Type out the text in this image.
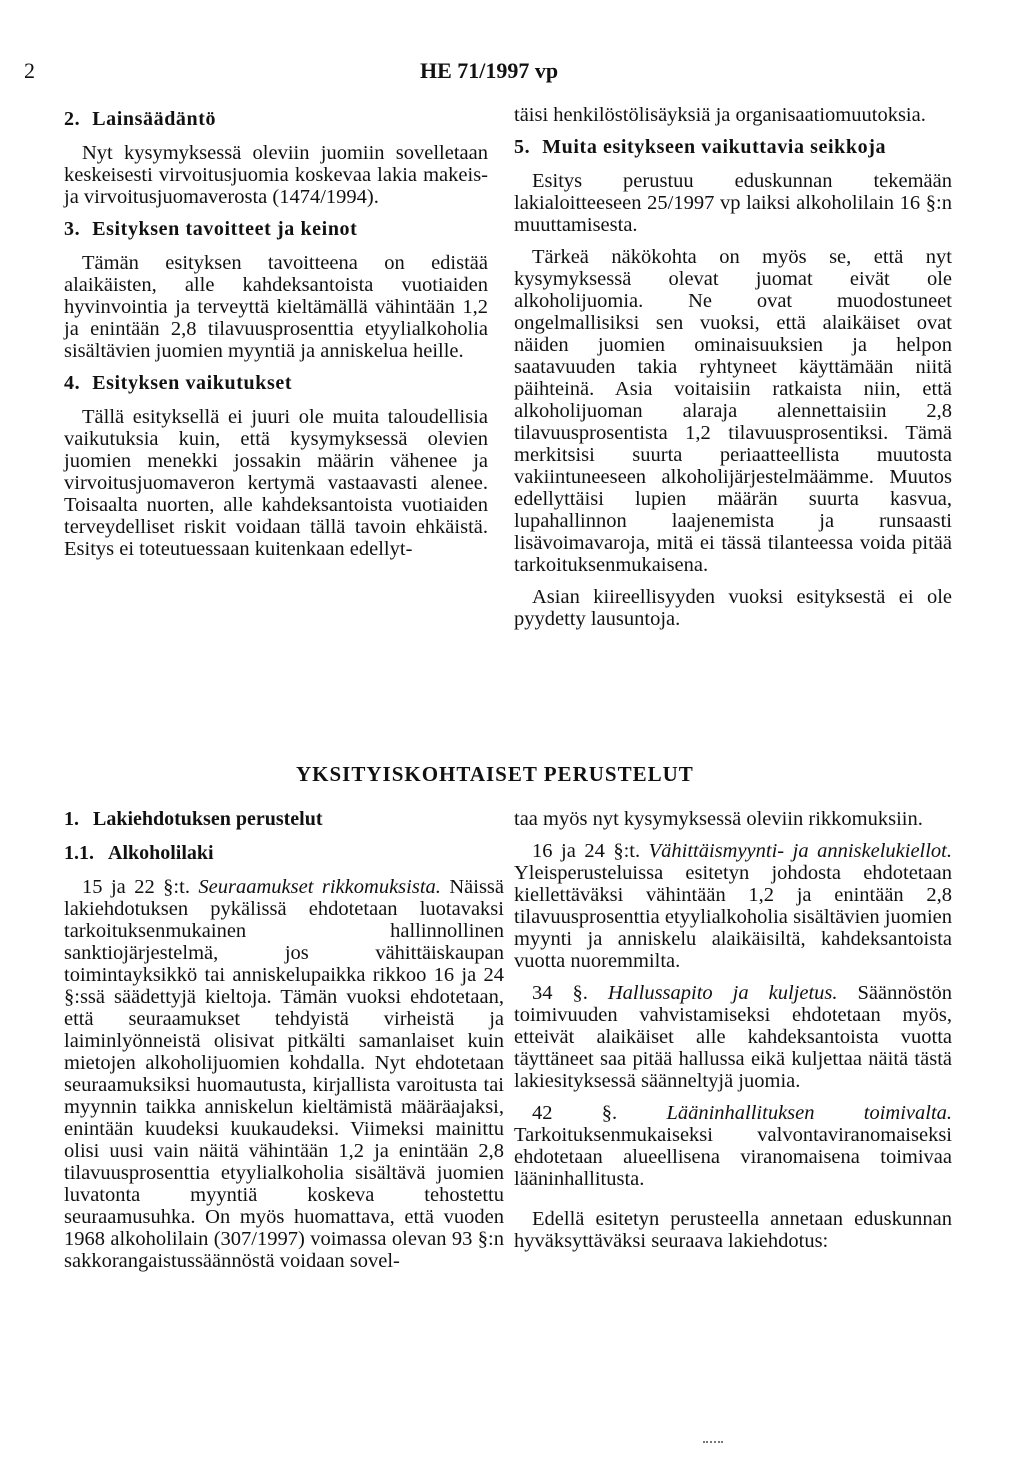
2	HE 71/1997 vp
2. Lainsäädäntö

Nyt kysymyksessä oleviin juomiin sovelletaan keskeisesti virvoitusjuomia koskevaa lakia makeis- ja virvoitusjuomaverosta (1474/1994).

3. Esityksen tavoitteet ja keinot

Tämän esityksen tavoitteena on edistää alaikäisten, alle kahdeksantoista vuotiaiden hyvinvointia ja terveyttä kieltämällä vähintään 1,2 ja enintään 2,8 tilavuusprosenttia etyylialkoholia sisältävien juomien myyntiä ja anniskelua heille.

4. Esityksen vaikutukset

Tällä esityksellä ei juuri ole muita taloudellisia vaikutuksia kuin, että kysymyksessä olevien juomien menekki jossakin määrin vähenee ja virvoitusjuomaveron kertymä vastaavasti alenee. Toisaalta nuorten, alle kahdeksantoista vuotiaiden terveydelliset riskit voidaan tällä tavoin ehkäistä. Esitys ei toteutuessaan kuitenkaan edellyt-

täisi henkilöstölisäyksiä ja organisaatiomuutoksia.

5. Muita esitykseen vaikuttavia seikkoja

Esitys perustuu eduskunnan tekemään lakialoitteeseen 25/1997 vp laiksi alkoholilain 16 §:n muuttamisesta.

Tärkeä näkökohta on myös se, että nyt kysymyksessä olevat juomat eivät ole alkoholijuomia. Ne ovat muodostuneet ongelmallisiksi sen vuoksi, että alaikäiset ovat näiden juomien ominaisuuksien ja helpon saatavuuden takia ryhtyneet käyttämään niitä päihteinä. Asia voitaisiin ratkaista niin, että alkoholijuoman alaraja alennettaisiin 2,8 tilavuusprosentista 1,2 tilavuusprosentiksi. Tämä merkitsisi suurta periaatteellista muutosta vakiintuneeseen alkoholijärjestelmäämme. Muutos edellyttäisi lupien määrän suurta kasvua, lupahallinnon laajenemista ja runsaasti lisävoimavaroja, mitä ei tässä tilanteessa voida pitää tarkoituksenmukaisena.

Asian kiireellisyyden vuoksi esityksestä ei ole pyydetty lausuntoja.

YKSITYISKOHTAISET PERUSTELUT
1. Lakiehdotuksen perustelut
1.1. Alkoholilaki

15 ja 22 §:t. Seuraamukset rikkomuksista. Näissä lakiehdotuksen pykälissä ehdotetaan luotavaksi tarkoituksenmukainen hallinnollinen sanktiojärjestelmä, jos vähittäiskaupan toimintayksikkö tai anniskelupaikka rikkoo 16 ja 24 §:ssä säädettyjä kieltoja. Tämän vuoksi ehdotetaan, että seuraamukset tehdyistä virheistä ja laiminlyönneistä olisivat pitkälti samanlaiset kuin mietojen alkoholijuomien kohdalla. Nyt ehdotetaan seuraamuksiksi huomautusta, kirjallista varoitusta tai myynnin taikka anniskelun kieltämistä määräajaksi, enintään kuudeksi kuukaudeksi. Viimeksi mainittu olisi uusi vain näitä vähintään 1,2 ja enintään 2,8 tilavuusprosenttia etyylialkoholia sisältävä juomien luvatonta myyntiä koskeva tehostettu seuraamusuhka. On myös huomattava, että vuoden 1968 alkoholilain (307/1997) voimassa olevan 93 §:n sakkorangaistussäännöstä voidaan sovel-

taa myös nyt kysymyksessä oleviin rikkomuksiin.

16 ja 24 §:t. Vähittäismyynti- ja anniskelukiellot. Yleisperusteluissa esitetyn johdosta ehdotetaan kiellettäväksi vähintään 1,2 ja enintään 2,8 tilavuusprosenttia etyylialkoholia sisältävien juomien myynti ja anniskelu alaikäisiltä, kahdeksantoista vuotta nuoremmilta.

34 §. Hallussapito ja kuljetus. Säännöstön toimivuuden vahvistamiseksi ehdotetaan myös, etteivät alaikäiset alle kahdeksantoista vuotta täyttäneet saa pitää hallussa eikä kuljettaa näitä tästä lakiesityksessä säänneltyjä juomia.

42 §. Lääninhallituksen toimivalta. Tarkoituksenmukaiseksi valvontaviranomaiseksi ehdotetaan alueellisena viranomaisena toimivaa lääninhallitusta.

Edellä esitetyn perusteella annetaan eduskunnan hyväksyttäväksi seuraava lakiehdotus:
